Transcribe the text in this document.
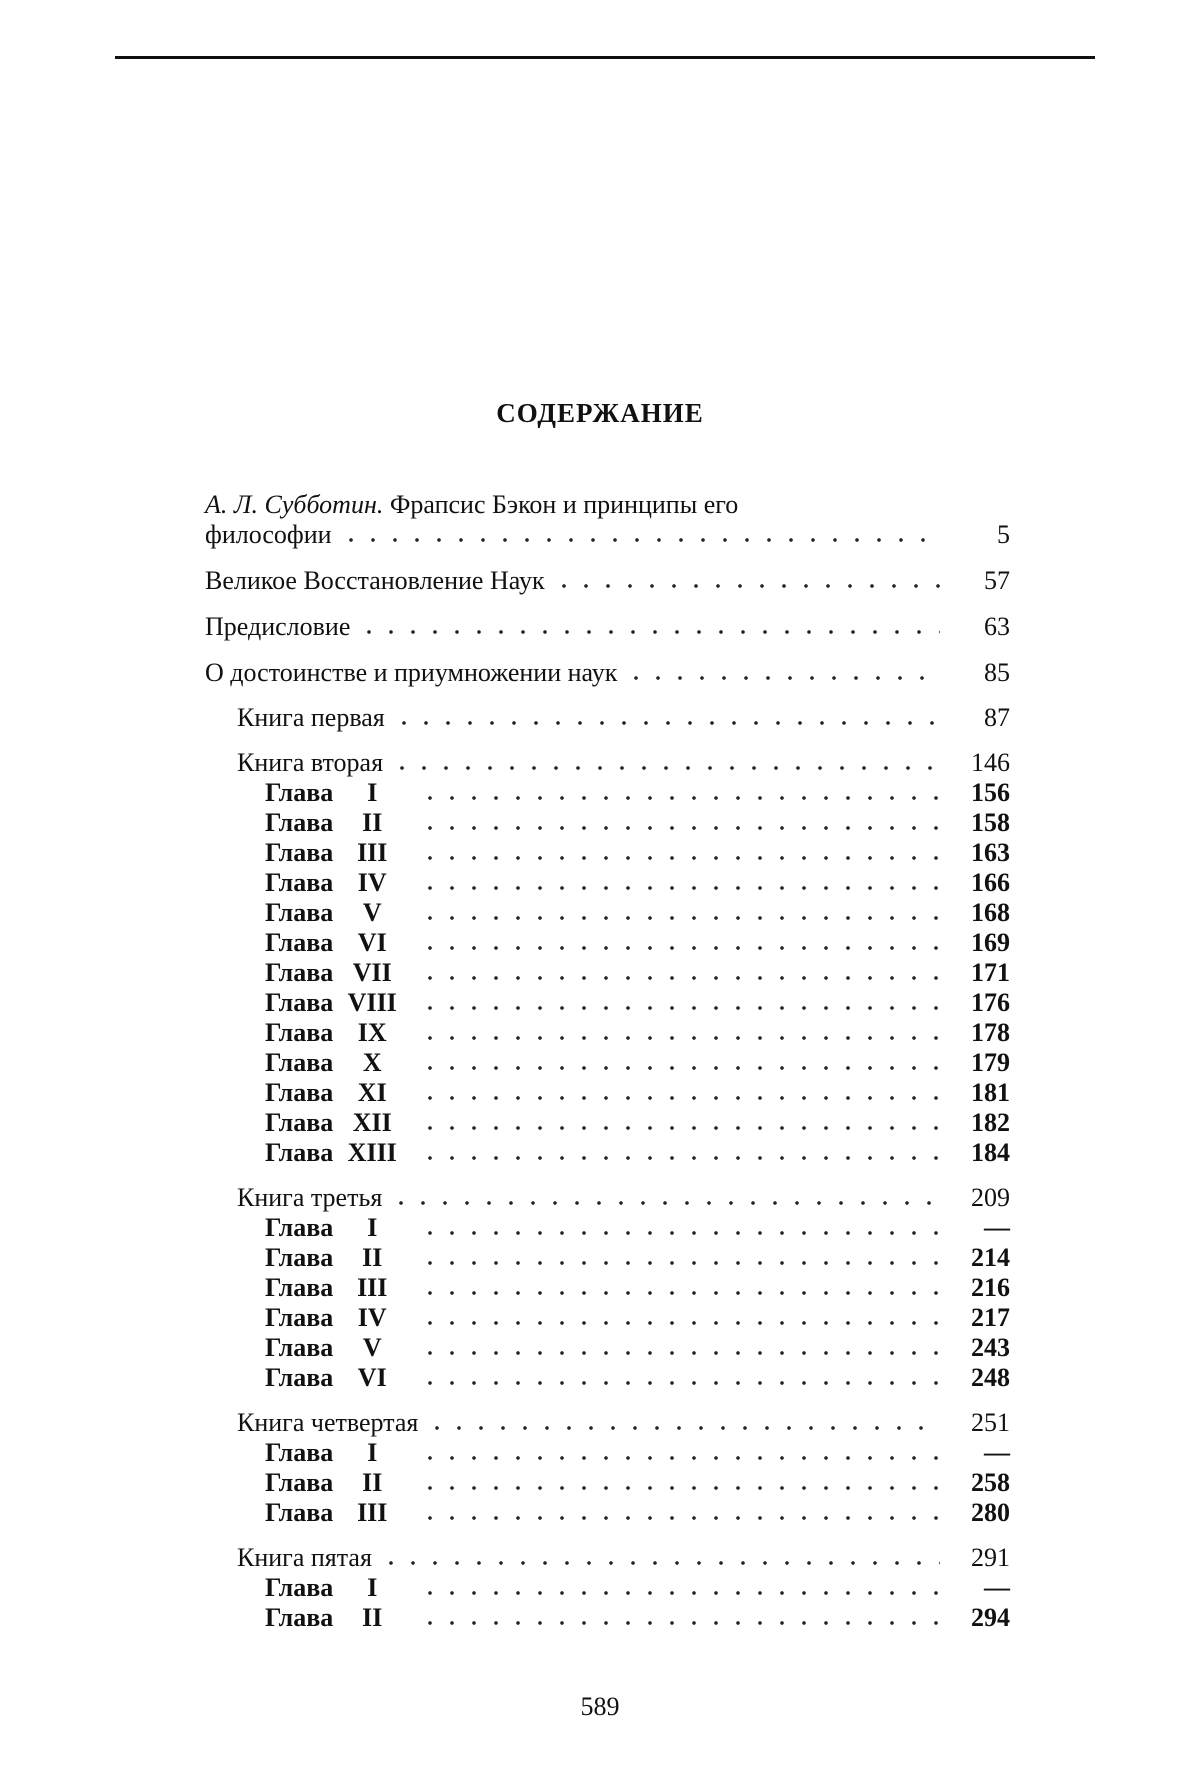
СОДЕРЖАНИЕ
А. Л. Субботин. Фрапсис Бэкон и принципы его
философии	5
Великое Восстановление Наук	57
Предисловие	63
О достоинстве и приумножении наук	85
Книга первая	87
Книга вторая	146
Глава I	156
Глава II	158
Глава III	163
Глава IV	166
Глава V	168
Глава VI	169
Глава VII	171
Глава VIII	176
Глава IX	178
Глава X	179
Глава XI	181
Глава XII	182
Глава XIII	184
Книга третья	209
Глава I	—
Глава II	214
Глава III	216
Глава IV	217
Глава V	243
Глава VI	248
Книга четвертая	251
Глава I	—
Глава II	258
Глава III	280
Книга пятая	291
Глава I	—
Глава II	294
589
